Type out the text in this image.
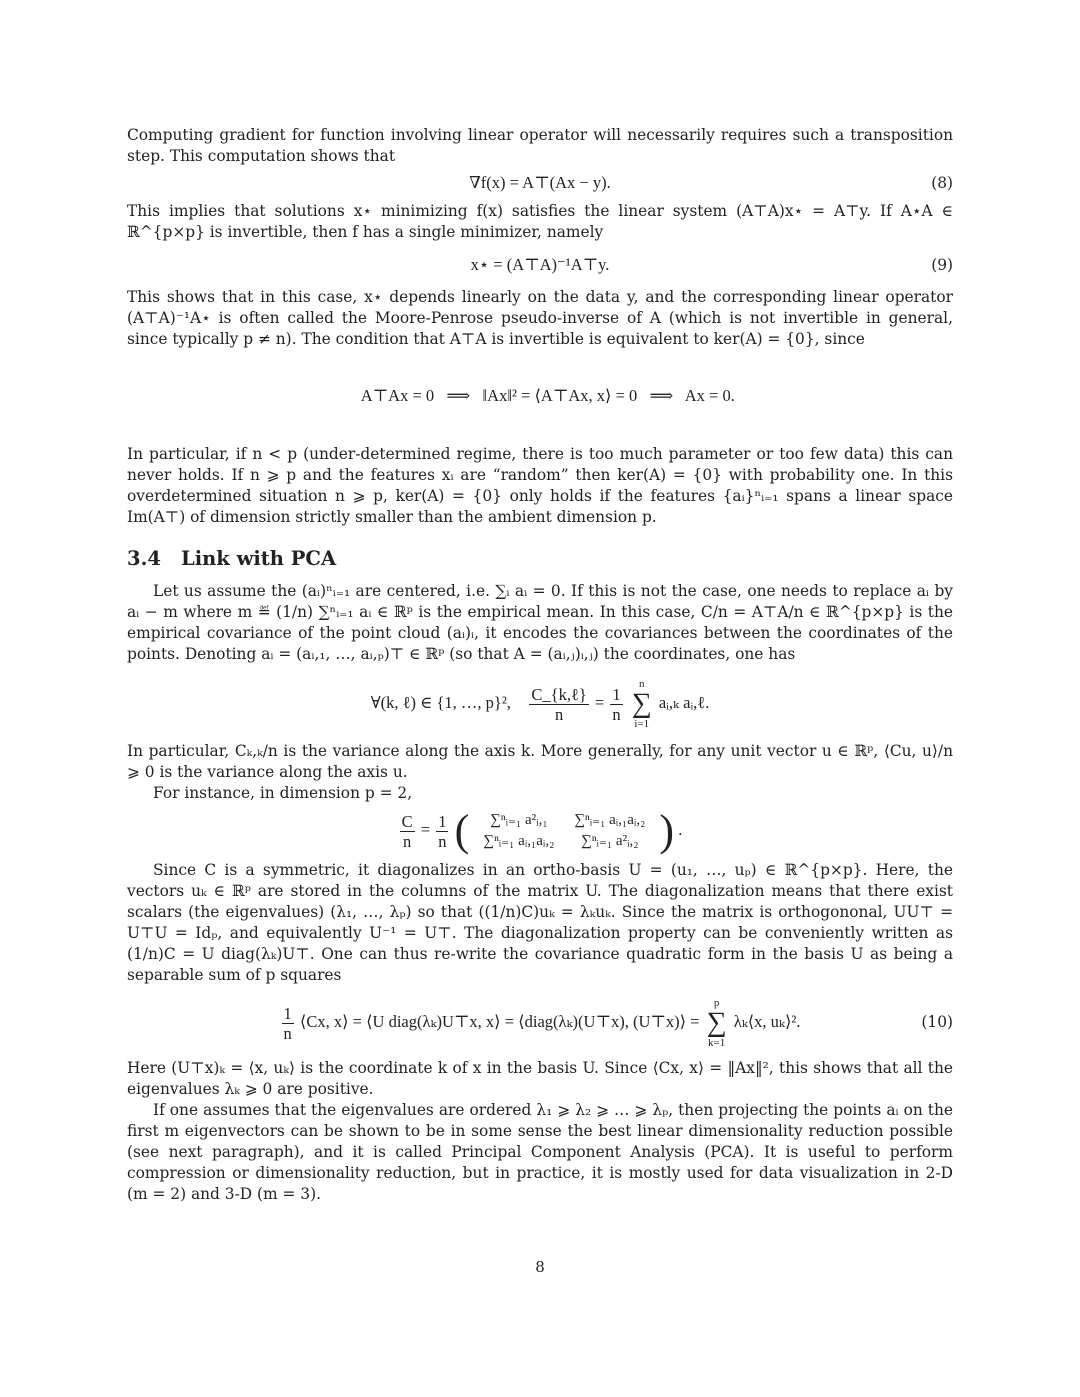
Computing gradient for function involving linear operator will necessarily requires such a transposition step. This computation shows that

∇f(x) = A⊤(Ax − y).	(8)

This implies that solutions x⋆ minimizing f(x) satisfies the linear system (A⊤A)x⋆ = A⊤y. If A⋆A ∈ ℝ^{p×p} is invertible, then f has a single minimizer, namely

x⋆ = (A⊤A)⁻¹A⊤y.	(9)

This shows that in this case, x⋆ depends linearly on the data y, and the corresponding linear operator (A⊤A)⁻¹A⋆ is often called the Moore-Penrose pseudo-inverse of A (which is not invertible in general, since typically p ≠ n). The condition that A⊤A is invertible is equivalent to ker(A) = {0}, since

A⊤Ax = 0   ⟹   ‖Ax‖² = ⟨A⊤Ax, x⟩ = 0   ⟹   Ax = 0.

In particular, if n < p (under-determined regime, there is too much parameter or too few data) this can never holds. If n ⩾ p and the features xᵢ are “random” then ker(A) = {0} with probability one. In this overdetermined situation n ⩾ p, ker(A) = {0} only holds if the features {aᵢ}ⁿᵢ₌₁ spans a linear space Im(A⊤) of dimension strictly smaller than the ambient dimension p.

3.4 Link with PCA

Let us assume the (aᵢ)ⁿᵢ₌₁ are centered, i.e. ∑ᵢ aᵢ = 0. If this is not the case, one needs to replace aᵢ by aᵢ − m where m ≝ (1/n) ∑ⁿᵢ₌₁ aᵢ ∈ ℝᵖ is the empirical mean. In this case, C/n = A⊤A/n ∈ ℝ^{p×p} is the empirical covariance of the point cloud (aᵢ)ᵢ, it encodes the covariances between the coordinates of the points. Denoting aᵢ = (aᵢ,₁, …, aᵢ,ₚ)⊤ ∈ ℝᵖ (so that A = (aᵢ,ⱼ)ᵢ,ⱼ) the coordinates, one has

∀(k, ℓ) ∈ {1, …, p}², $\frac{\text{C\_\{k,ℓ\}}}{n} = \frac{1}{n}$

n
∑
i=1
aᵢ,ₖ aᵢ,ℓ.

In particular, Cₖ,ₖ/n is the variance along the axis k. More generally, for any unit vector u ∈ ℝᵖ, ⟨Cu, u⟩/n ⩾ 0 is the variance along the axis u.

For instance, in dimension p = 2,

$\frac{C}{n} = \frac{1}{n}$ ( ∑ⁿᵢ₌₁ a²ᵢ,₁	∑ⁿᵢ₌₁ aᵢ,₁aᵢ,₂
∑ⁿᵢ₌₁ aᵢ,₁aᵢ,₂	∑ⁿᵢ₌₁ a²ᵢ,₂ ) .

Since C is a symmetric, it diagonalizes in an ortho-basis U = (u₁, …, uₚ) ∈ ℝ^{p×p}. Here, the vectors uₖ ∈ ℝᵖ are stored in the columns of the matrix U. The diagonalization means that there exist scalars (the eigenvalues) (λ₁, …, λₚ) so that ((1/n)C)uₖ = λₖuₖ. Since the matrix is orthogononal, UU⊤ = U⊤U = Idₚ, and equivalently U⁻¹ = U⊤. The diagonalization property can be conveniently written as (1/n)C = U diag(λₖ)U⊤. One can thus re-write the covariance quadratic form in the basis U as being a separable sum of p squares

$\frac{1}{n}$ ⟨Cx, x⟩ = ⟨U diag(λₖ)U⊤x, x⟩ = ⟨diag(λₖ)(U⊤x), (U⊤x)⟩ =
p
∑
k=1
λₖ⟨x, uₖ⟩².	(10)

Here (U⊤x)ₖ = ⟨x, uₖ⟩ is the coordinate k of x in the basis U. Since ⟨Cx, x⟩ = ‖Ax‖², this shows that all the eigenvalues λₖ ⩾ 0 are positive.

If one assumes that the eigenvalues are ordered λ₁ ⩾ λ₂ ⩾ … ⩾ λₚ, then projecting the points aᵢ on the first m eigenvectors can be shown to be in some sense the best linear dimensionality reduction possible (see next paragraph), and it is called Principal Component Analysis (PCA). It is useful to perform compression or dimensionality reduction, but in practice, it is mostly used for data visualization in 2-D (m = 2) and 3-D (m = 3).

8
